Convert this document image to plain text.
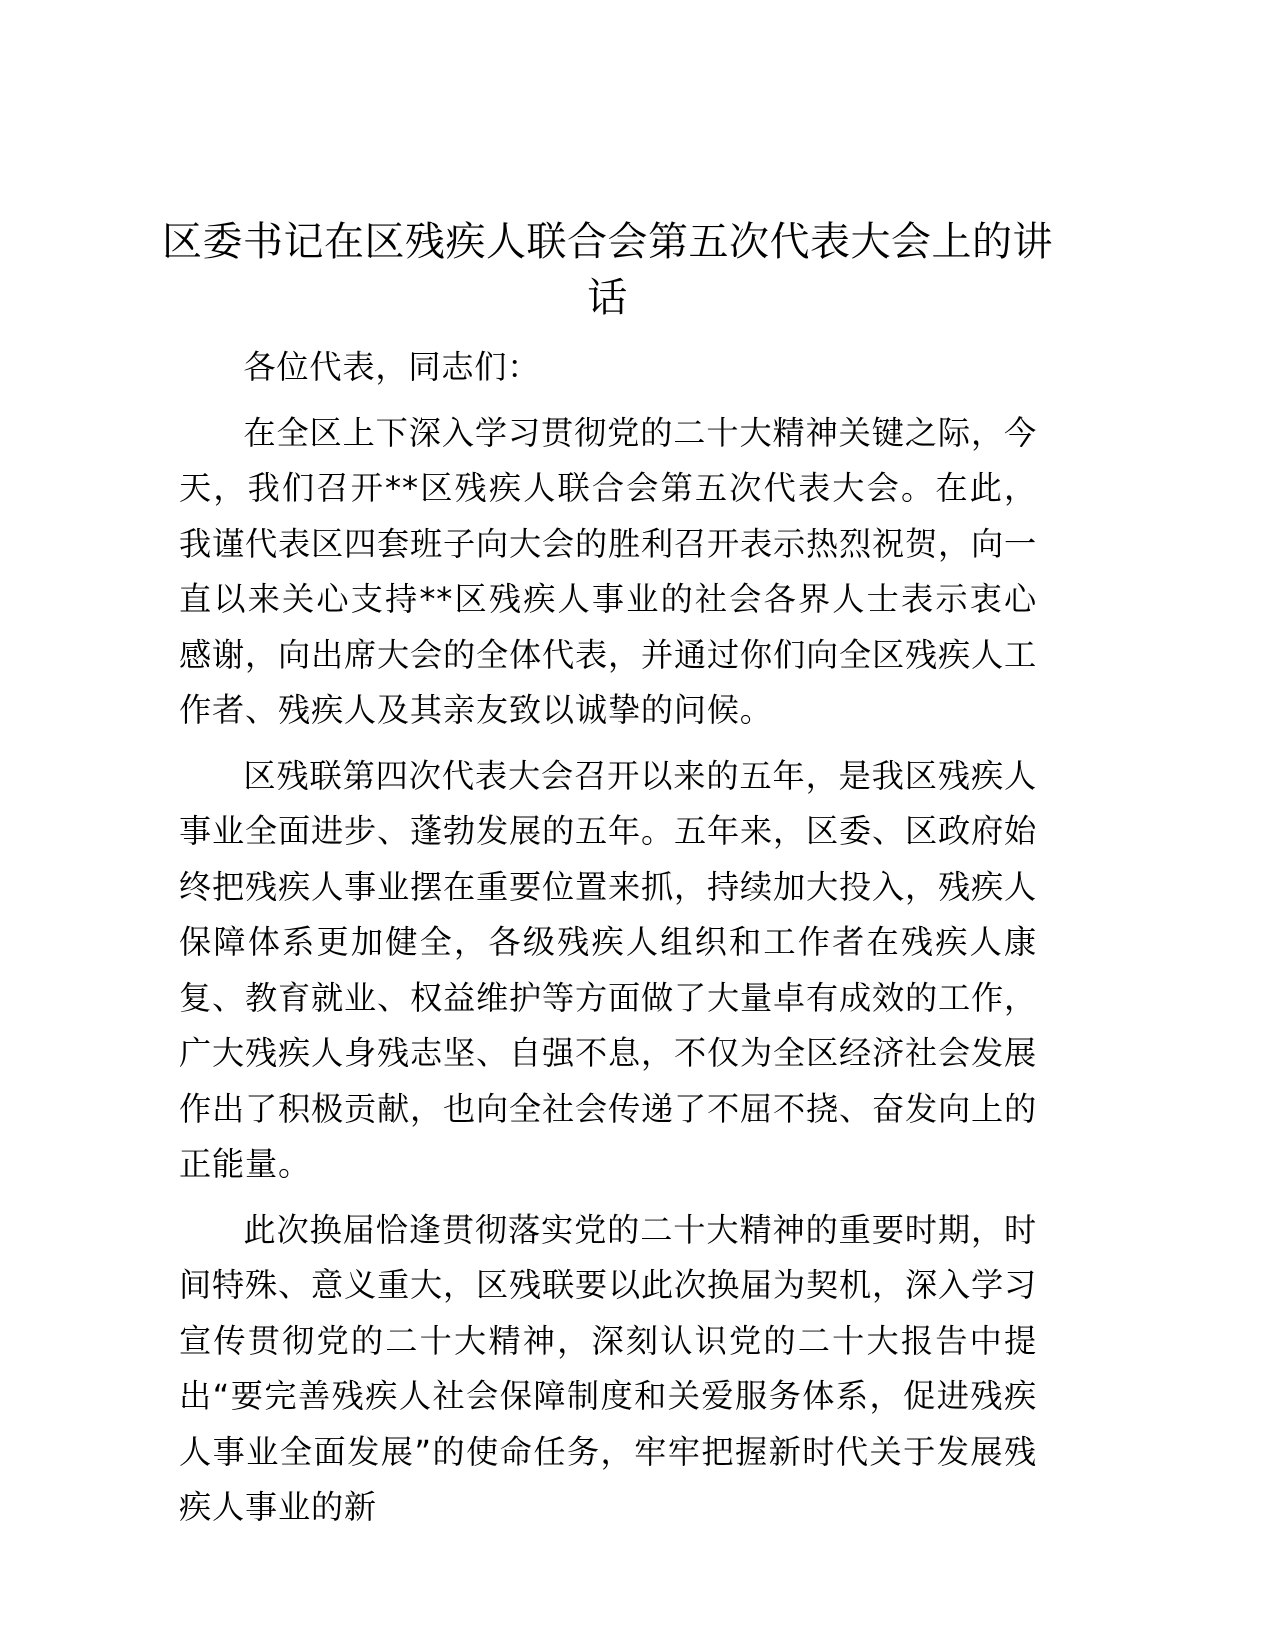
区委书记在区残疾人联合会第五次代表大会上的讲话

各位代表，同志们：

在全区上下深入学习贯彻党的二十大精神关键之际，今天，我们召开**区残疾人联合会第五次代表大会。在此，我谨代表区四套班子向大会的胜利召开表示热烈祝贺，向一直以来关心支持**区残疾人事业的社会各界人士表示衷心感谢，向出席大会的全体代表，并通过你们向全区残疾人工作者、残疾人及其亲友致以诚挚的问候。

区残联第四次代表大会召开以来的五年，是我区残疾人事业全面进步、蓬勃发展的五年。五年来，区委、区政府始终把残疾人事业摆在重要位置来抓，持续加大投入，残疾人保障体系更加健全，各级残疾人组织和工作者在残疾人康复、教育就业、权益维护等方面做了大量卓有成效的工作，广大残疾人身残志坚、自强不息，不仅为全区经济社会发展作出了积极贡献，也向全社会传递了不屈不挠、奋发向上的正能量。

此次换届恰逢贯彻落实党的二十大精神的重要时期，时间特殊、意义重大，区残联要以此次换届为契机，深入学习宣传贯彻党的二十大精神，深刻认识党的二十大报告中提出“要完善残疾人社会保障制度和关爱服务体系，促进残疾人事业全面发展”的使命任务，牢牢把握新时代关于发展残疾人事业的新
